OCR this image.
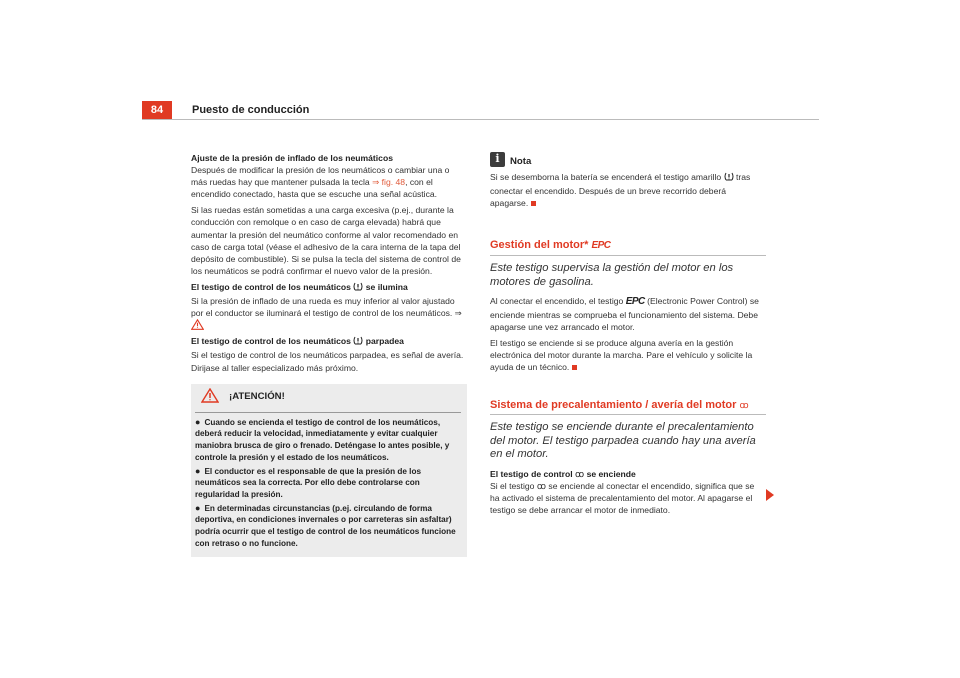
84	Puesto de conducción

Ajuste de la presión de inflado de los neumáticos

Después de modificar la presión de los neumáticos o cambiar una o más ruedas hay que mantener pulsada la tecla ⇒ fig. 48, con el encendido conectado, hasta que se escuche una señal acústica.

Si las ruedas están sometidas a una carga excesiva (p.ej., durante la conducción con remolque o en caso de carga elevada) habrá que aumentar la presión del neumático conforme al valor recomendado en caso de carga total (véase el adhesivo de la cara interna de la tapa del depósito de combustible). Si se pulsa la tecla del sistema de control de los neumáticos se podrá confirmar el nuevo valor de la presión.

El testigo de control de los neumáticos se ilumina

Si la presión de inflado de una rueda es muy inferior al valor ajustado por el conductor se iluminará el testigo de control de los neumáticos. ⇒

El testigo de control de los neumáticos parpadea

Si el testigo de control de los neumáticos parpadea, es señal de avería. Dirijase al taller especializado más próximo.

¡ATENCIÓN!

● Cuando se encienda el testigo de control de los neumáticos, deberá reducir la velocidad, inmediatamente y evitar cualquier maniobra brusca de giro o frenado. Deténgase lo antes posible, y controle la presión y el estado de los neumáticos.

● El conductor es el responsable de que la presión de los neumáticos sea la correcta. Por ello debe controlarse con regularidad la presión.

● En determinadas circunstancias (p.ej. circulando de forma deportiva, en condiciones invernales o por carreteras sin asfaltar) podría ocurrir que el testigo de control de los neumáticos funcione con retraso o no funcione.

i	Nota

Si se desemborna la batería se encenderá el testigo amarillo tras conectar el encendido. Después de un breve recorrido deberá apagarse.

Gestión del motor* EPC

Este testigo supervisa la gestión del motor en los motores de gasolina.

Al conectar el encendido, el testigo EPC (Electronic Power Control) se enciende mientras se comprueba el funcionamiento del sistema. Debe apagarse une vez arrancado el motor.

El testigo se enciende si se produce alguna avería en la gestión electrónica del motor durante la marcha. Pare el vehículo y solicite la ayuda de un técnico.

Sistema de precalentamiento / avería del motor ꝏ

Este testigo se enciende durante el precalentamiento del motor. El testigo parpadea cuando hay una avería en el motor.

El testigo de control ꝏ se enciende

Si el testigo ꝏ se enciende al conectar el encendido, significa que se ha activado el sistema de precalentamiento del motor. Al apagarse el testigo se debe arrancar el motor de inmediato.
